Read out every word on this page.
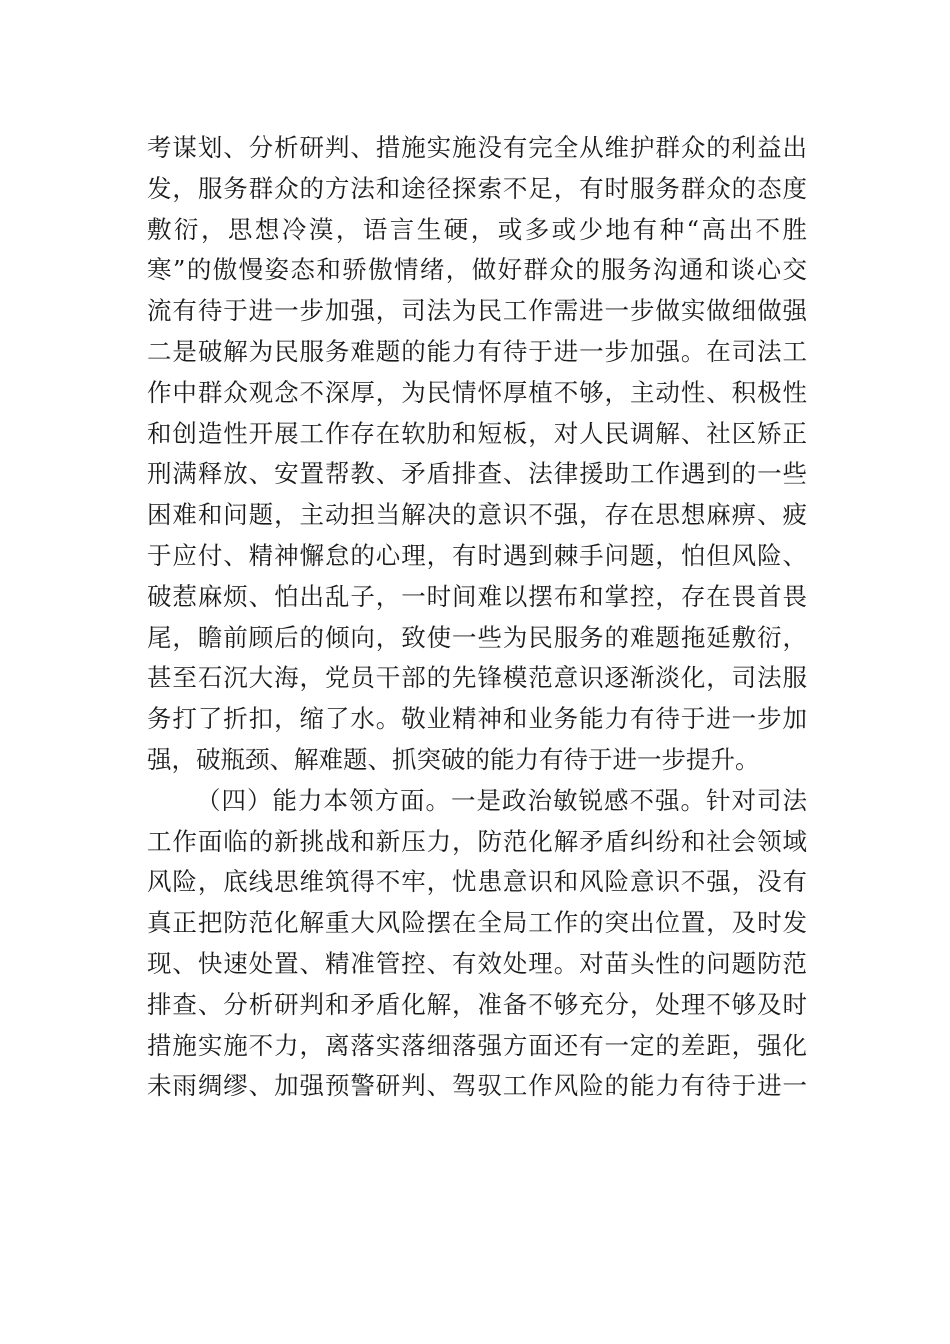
考谋划、分析研判、措施实施没有完全从维护群众的利益出
发，服务群众的方法和途径探索不足，有时服务群众的态度
敷衍，思想冷漠，语言生硬，或多或少地有种“高出不胜
寒”的傲慢姿态和骄傲情绪，做好群众的服务沟通和谈心交
流有待于进一步加强，司法为民工作需进一步做实做细做强
二是破解为民服务难题的能力有待于进一步加强。在司法工
作中群众观念不深厚，为民情怀厚植不够，主动性、积极性
和创造性开展工作存在软肋和短板，对人民调解、社区矫正
刑满释放、安置帮教、矛盾排查、法律援助工作遇到的一些
困难和问题，主动担当解决的意识不强，存在思想麻痹、疲
于应付、精神懈怠的心理，有时遇到棘手问题，怕但风险、
破惹麻烦、怕出乱子，一时间难以摆布和掌控，存在畏首畏
尾，瞻前顾后的倾向，致使一些为民服务的难题拖延敷衍，
甚至石沉大海，党员干部的先锋模范意识逐渐淡化，司法服
务打了折扣，缩了水。敬业精神和业务能力有待于进一步加
强，破瓶颈、解难题、抓突破的能力有待于进一步提升。
（四）能力本领方面。一是政治敏锐感不强。针对司法
工作面临的新挑战和新压力，防范化解矛盾纠纷和社会领域
风险，底线思维筑得不牢，忧患意识和风险意识不强，没有
真正把防范化解重大风险摆在全局工作的突出位置，及时发
现、快速处置、精准管控、有效处理。对苗头性的问题防范
排查、分析研判和矛盾化解，准备不够充分，处理不够及时
措施实施不力，离落实落细落强方面还有一定的差距，强化
未雨绸缪、加强预警研判、驾驭工作风险的能力有待于进一
